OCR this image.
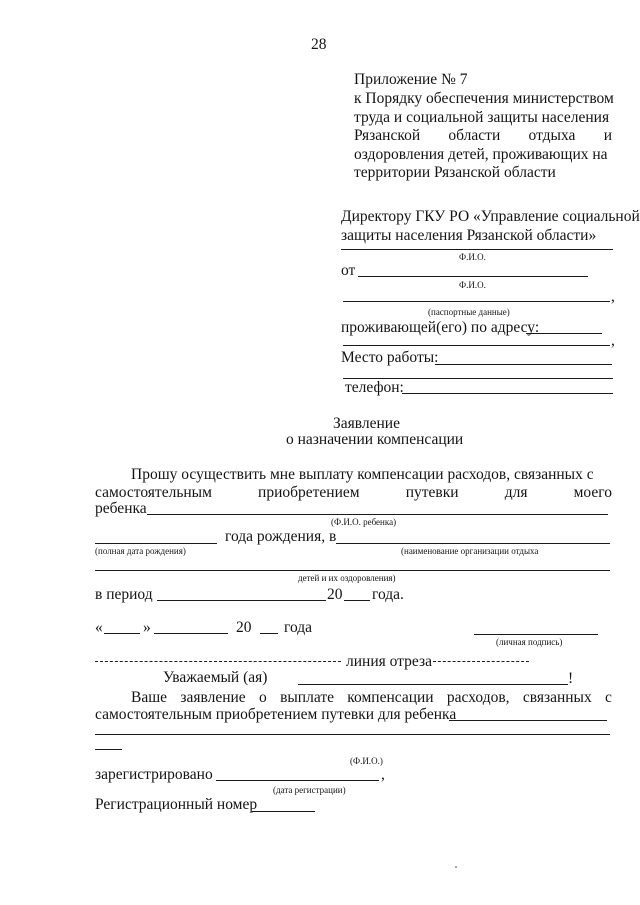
28
Приложение № 7
к Порядку обеспечения министерством
труда и социальной защиты населения
Рязанской области отдыха и
оздоровления детей, проживающих на
территории Рязанской области
Директору ГКУ РО «Управление социальной
защиты населения Рязанской области»
Ф.И.О.
от
Ф.И.О.
,
(паспортные данные)
проживающей(его) по адресу:
,
Место работы:
телефон:
Заявление
о назначении компенсации
Прошу осуществить мне выплату компенсации расходов, связанных с
самостоятельным	приобретением	путевки	для	моего
ребенка
(Ф.И.О. ребенка)
года рождения, в
(полная дата рождения)	(наименование организации отдыха
детей и их оздоровления)
в период	20 года.
«	»	20 года
(личная подпись)
линия отреза
Уважаемый (ая)	!
Ваше заявление о выплате компенсации расходов, связанных с
самостоятельным приобретением путевки для ребенка
(Ф.И.О.)
зарегистрировано	,
(дата регистрации)
Регистрационный номер
